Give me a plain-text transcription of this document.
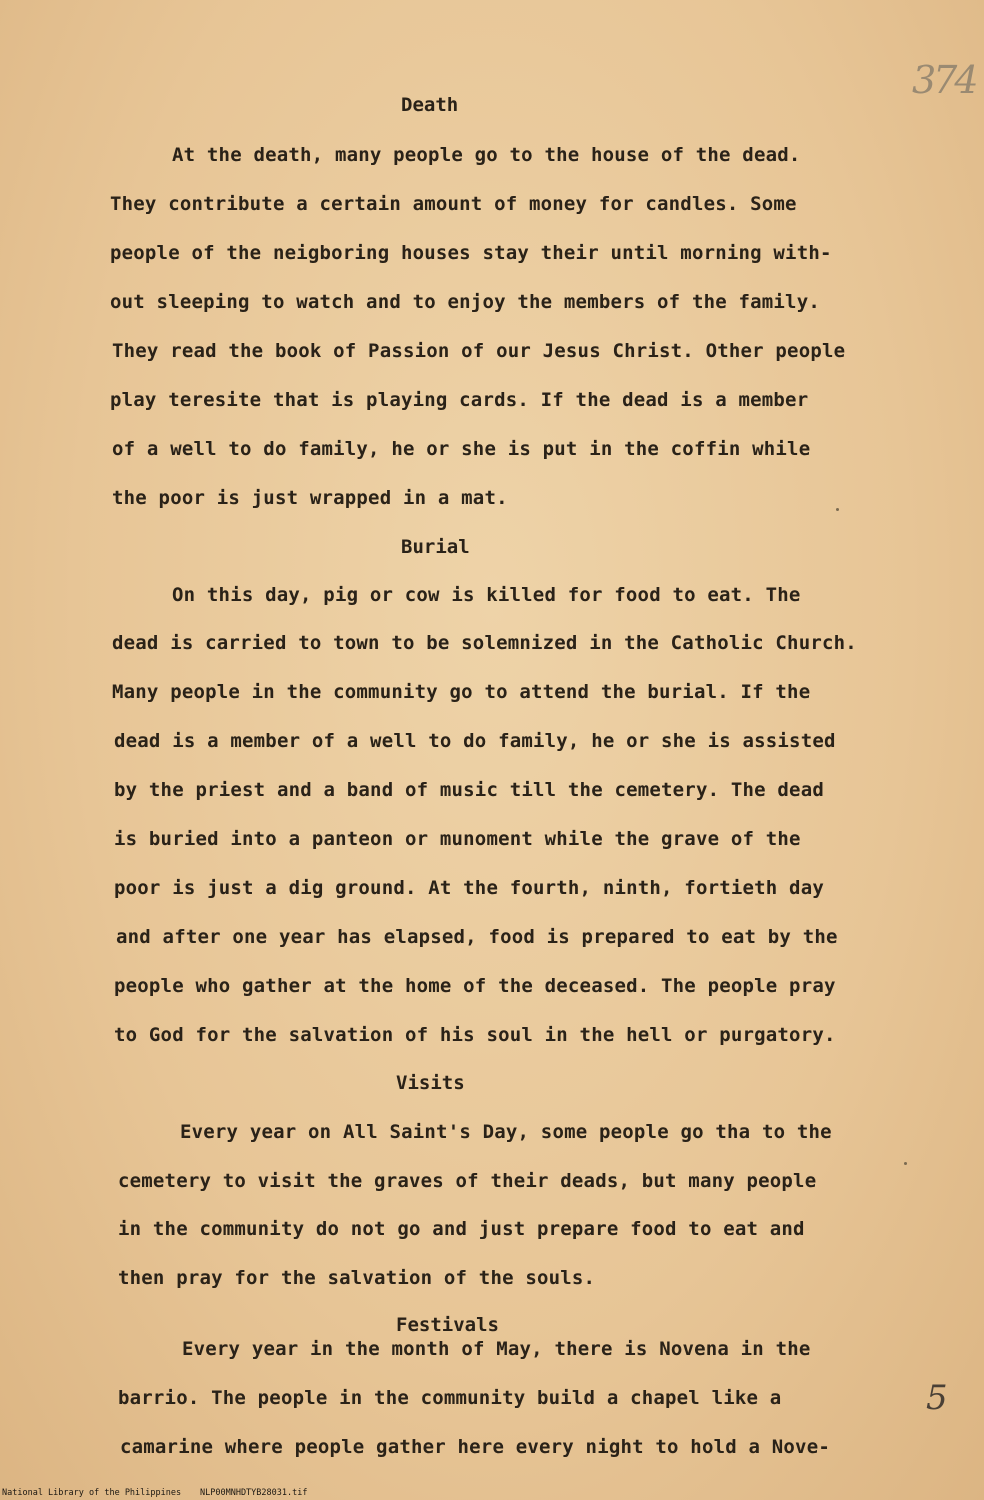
374
Death
At the death, many people go to the house of the dead.
They contribute a certain amount of money for candles. Some
people of the neigboring houses stay their until morning with-
out sleeping to watch and to enjoy the members of the family.
They read the book of Passion of our Jesus Christ. Other people
play teresite that is playing cards. If the dead is a member
of a well to do family, he or she is put in the coffin while
the poor is just wrapped in a mat.
Burial
On this day, pig or cow is killed for food to eat. The
dead is carried to town to be solemnized in the Catholic Church.
Many people in the community go to attend the burial. If the
dead is a member of a well to do family, he or she is assisted
by the priest and a band of music till the cemetery. The dead
is buried into a panteon or munoment while the grave of the
poor is just a dig ground. At the fourth, ninth, fortieth day
and after one year has elapsed, food is prepared to eat by the
people who gather at the home of the deceased. The people pray
to God for the salvation of his soul in the hell or purgatory.
Visits
Every year on All Saint's Day, some people go tha to the
cemetery to visit the graves of their deads, but many people
in the community do not go and just prepare food to eat and
then pray for the salvation of the souls.
Festivals
Every year in the month of May, there is Novena in the
barrio. The people in the community build a chapel like a
camarine where people gather here every night to hold a Nove-
5
National Library of the Philippines NLP00MNHDTYB28031.tif
